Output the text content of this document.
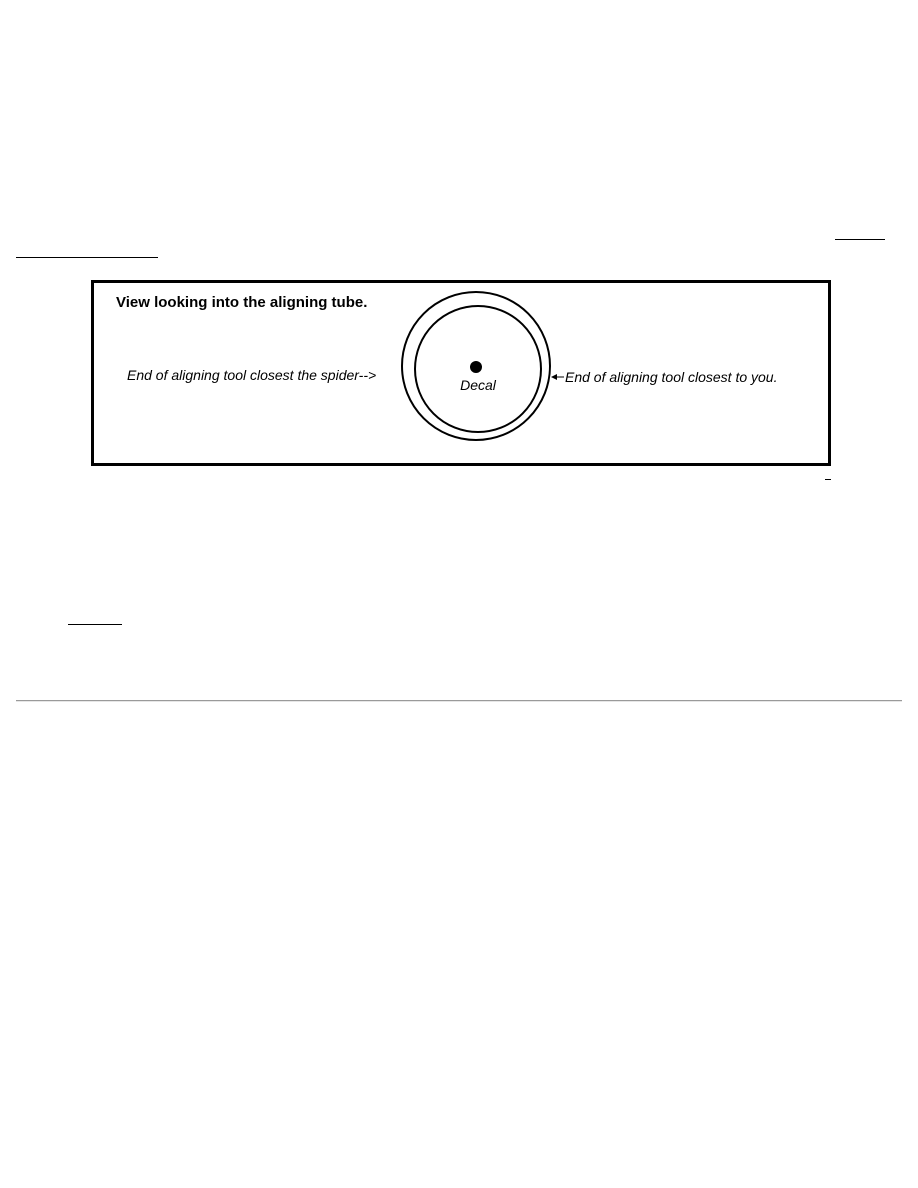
View looking into the aligning tube.
Decal
End of aligning tool closest the spider-->	End of aligning tool closest to you.
